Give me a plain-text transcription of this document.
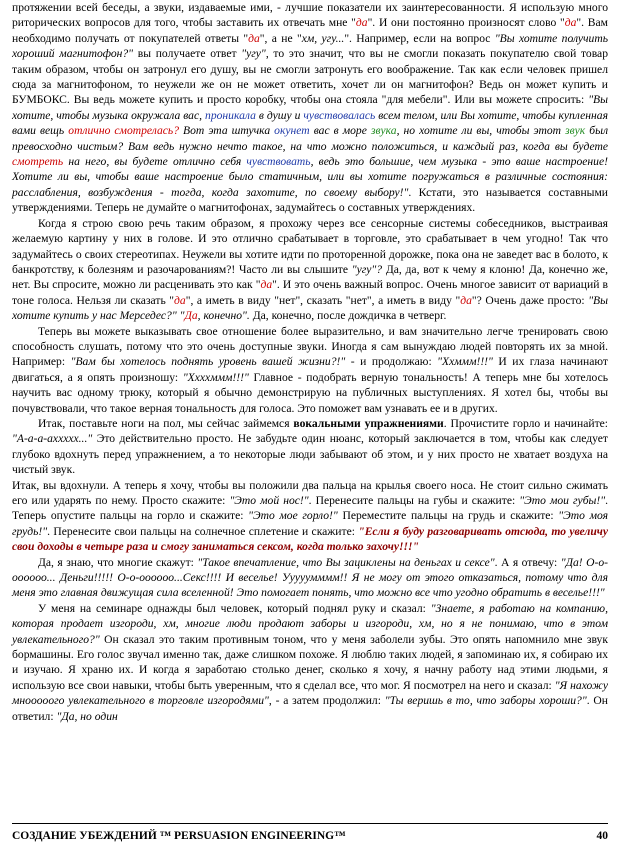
протяжении всей беседы, а звуки, издаваемые ими, - лучшие показатели их заинтересованности. Я использую много риторических вопросов для того, чтобы заставить их отвечать мне "да". И они постоянно произносят слово "да". Вам необходимо получать от покупателей ответы "да", а не "хм, угу...". Например, если на вопрос "Вы хотите получить хороший магнитофон?" вы получаете ответ "угу", то это значит, что вы не смогли показать покупателю свой товар таким образом, чтобы он затронул его душу, вы не смогли затронуть его воображение. Так как если человек пришел сюда за магнитофоном, то неужели же он не может ответить, хочет ли он магнитофон? Ведь он может купить и БУМБОКС. Вы ведь можете купить и просто коробку, чтобы она стояла "для мебели". Или вы можете спросить: "Вы хотите, чтобы музыка окружала вас, проникала в душу и чувствовалась всем телом, или Вы хотите, чтобы купленная вами вещь отлично смотрелась? Вот эта штучка окунет вас в море звука, но хотите ли вы, чтобы этот звук был превосходно чистым? Вам ведь нужно нечто такое, на что можно положиться, и каждый раз, когда вы будете смотреть на него, вы будете отлично себя чувствовать, ведь это большие, чем музыка - это ваше настроение! Хотите ли вы, чтобы ваше настроение было статичным, или вы хотите погружаться в различные состояния: расслабления, возбуждения - тогда, когда захотите, по своему выбору!". Кстати, это называется составными утверждениями. Теперь не думайте о магнитофонах, задумайтесь о составных утверждениях.

Когда я строю свою речь таким образом, я прохожу через все сенсорные системы собеседников, выстраивая желаемую картину у них в голове. И это отлично срабатывает в торговле, это срабатывает в чем угодно! Так что задумайтесь о своих стереотипах. Неужели вы хотите идти по проторенной дорожке, пока она не заведет вас в болото, к банкротству, к болезням и разочарованиям?! Часто ли вы слышите "угу"? Да, да, вот к чему я клоню! Да, конечно же, нет. Вы спросите, можно ли расценивать это как "да". И это очень важный вопрос. Очень многое зависит от вариаций в тоне голоса. Нельзя ли сказать "да", а иметь в виду "нет", сказать "нет", а иметь в виду "да"? Очень даже просто: "Вы хотите купить у нас Мерседес?" "Да, конечно". Да, конечно, после дождичка в четверг.

Теперь вы можете выказывать свое отношение более выразительно, и вам значительно легче тренировать свою способность слушать, потому что это очень доступные звуки. Иногда я сам вынуждаю людей повторять их за мной. Например: "Вам бы хотелось поднять уровень вашей жизни?!" - и продолжаю: "Ххммм!!!" И их глаза начинают двигаться, а я опять произношу: "Ххххммм!!!" Главное - подобрать верную тональность! А теперь мне бы хотелось научить вас одному трюку, который я обычно демонстрирую на публичных выступлениях. Я хотел бы, чтобы вы почувствовали, что такое верная тональность для голоса. Это поможет вам узнавать ее и в других.

Итак, поставьте ноги на пол, мы сейчас займемся вокальными упражнениями. Прочистите горло и начинайте: "А-а-а-аххххх..." Это действительно просто. Не забудьте один нюанс, который заключается в том, чтобы как следует глубоко вдохнуть перед упражнением, а то некоторые люди забывают об этом, и у них просто не хватает воздуха на чистый звук.

Итак, вы вдохнули. А теперь я хочу, чтобы вы положили два пальца на крылья своего носа. Не стоит сильно сжимать его или ударять по нему. Просто скажите: "Это мой нос!". Перенесите пальцы на губы и скажите: "Это мои губы!". Теперь опустите пальцы на горло и скажите: "Это мое горло!" Переместите пальцы на грудь и скажите: "Это моя грудь!". Перенесите свои пальцы на солнечное сплетение и скажите: "Если я буду разговаривать отсюда, то увеличу свои доходы в четыре раза и смогу заниматься сексом, когда только захочу!!!"

Да, я знаю, что многие скажут: "Такое впечатление, что Вы зациклены на деньгах и сексе". А я отвечу: "Да! О-о-оооооо... Деньги!!!!! О-о-оооооо...Секс!!!! И веселье! Ууууумммм!! Я не могу от этого отказаться, потому что для меня это главная движущая сила вселенной! Это помогает понять, что можно все что угодно обратить в веселье!!!"

У меня на семинаре однажды был человек, который поднял руку и сказал: "Знаете, я работаю на компанию, которая продает изгороди, хм, многие люди продают заборы и изгороди, хм, но я не понимаю, что в этом увлекательного?" Он сказал это таким противным тоном, что у меня заболели зубы. Это опять напомнило мне звук бормашины. Его голос звучал именно так, даже слишком похоже. Я люблю таких людей, я запоминаю их, я собираю их и изучаю. Я храню их. И когда я заработаю столько денег, сколько я хочу, я начну работу над этими людьми, я использую все свои навыки, чтобы быть уверенным, что я сделал все, что мог. Я посмотрел на него и сказал: "Я нахожу мнооооого увлекательного в торговле изгородями", - а затем продолжил: "Ты веришь в то, что заборы хороши?". Он ответил: "Да, но один

СОЗДАНИЕ УБЕЖДЕНИЙ ™ PERSUASION ENGINEERING™	40
